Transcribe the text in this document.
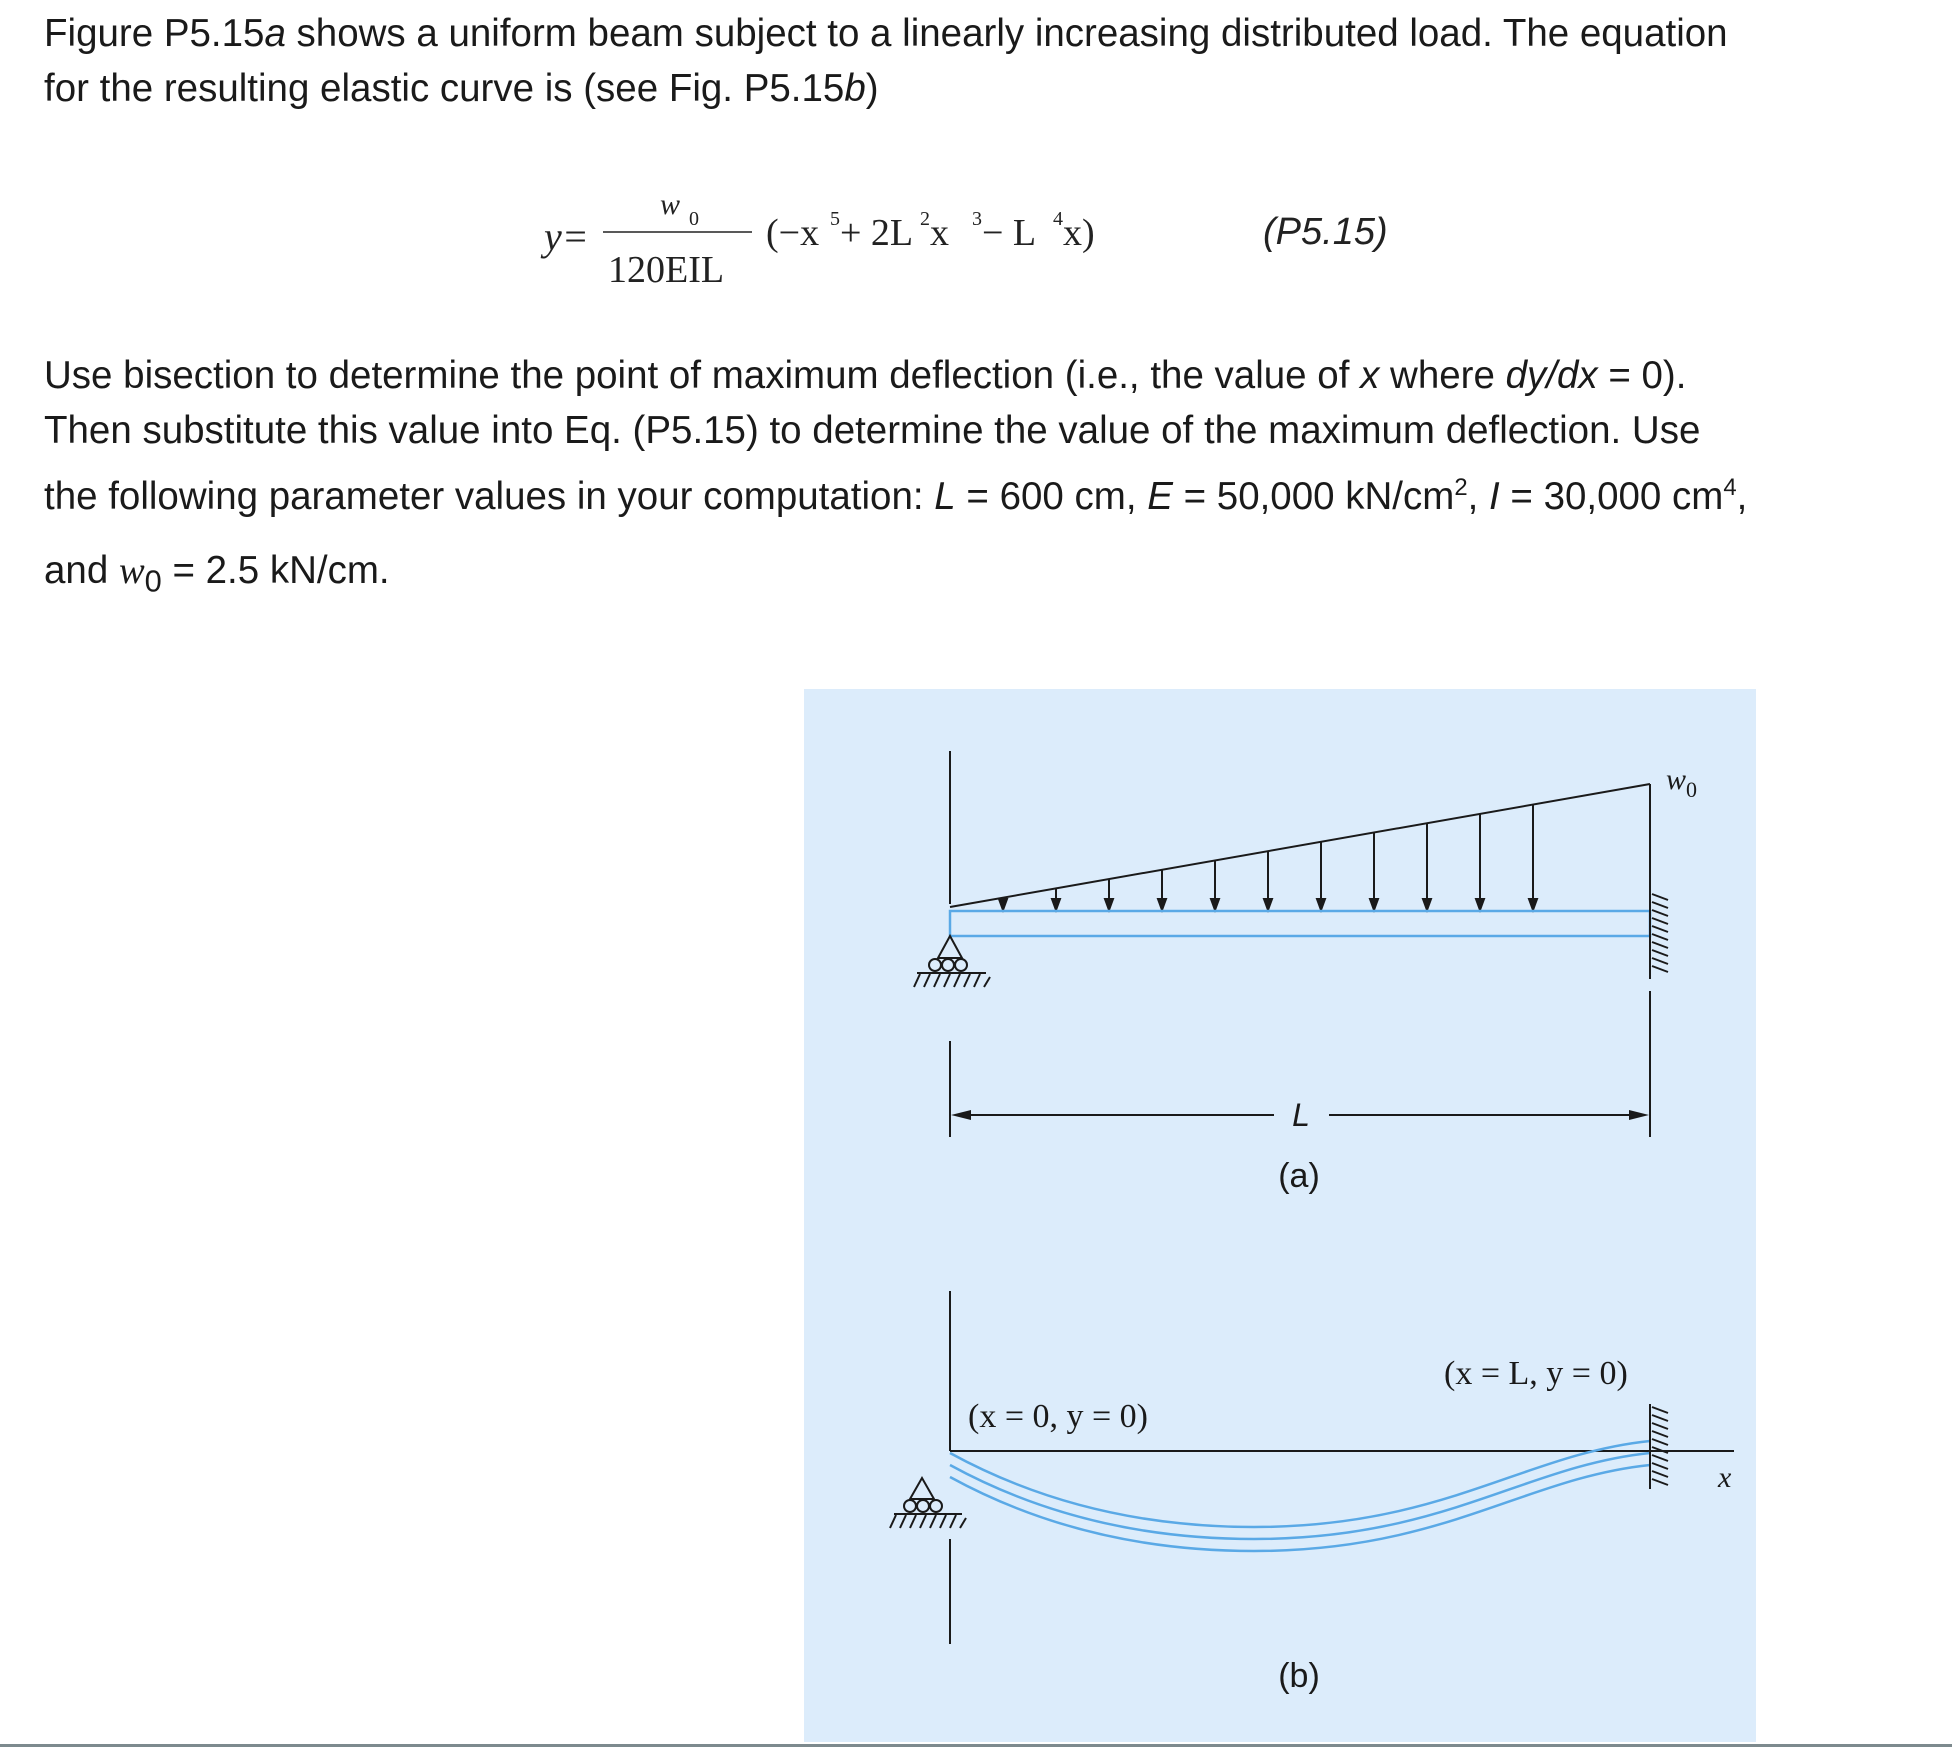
Figure P5.15a shows a uniform beam subject to a linearly increasing distributed load. The equation
for the resulting elastic curve is (see Fig. P5.15b)

y=
w 0
120EIL
(−x 5 + 2L 2 x 3 − L 4 x)	(P5.15)

Use bisection to determine the point of maximum deflection (i.e., the value of x where dy/dx = 0).
Then substitute this value into Eq. (P5.15) to determine the value of the maximum deflection. Use
the following parameter values in your computation: L = 600 cm, E = 50,000 $kN/cm^2$, I = 30,000 $cm^4$,
and $w_0 = 2.5$ kN/cm.

$w_0$
L
(a)
(x = 0, y = 0)
(x = L, y = 0)
x
(b)
